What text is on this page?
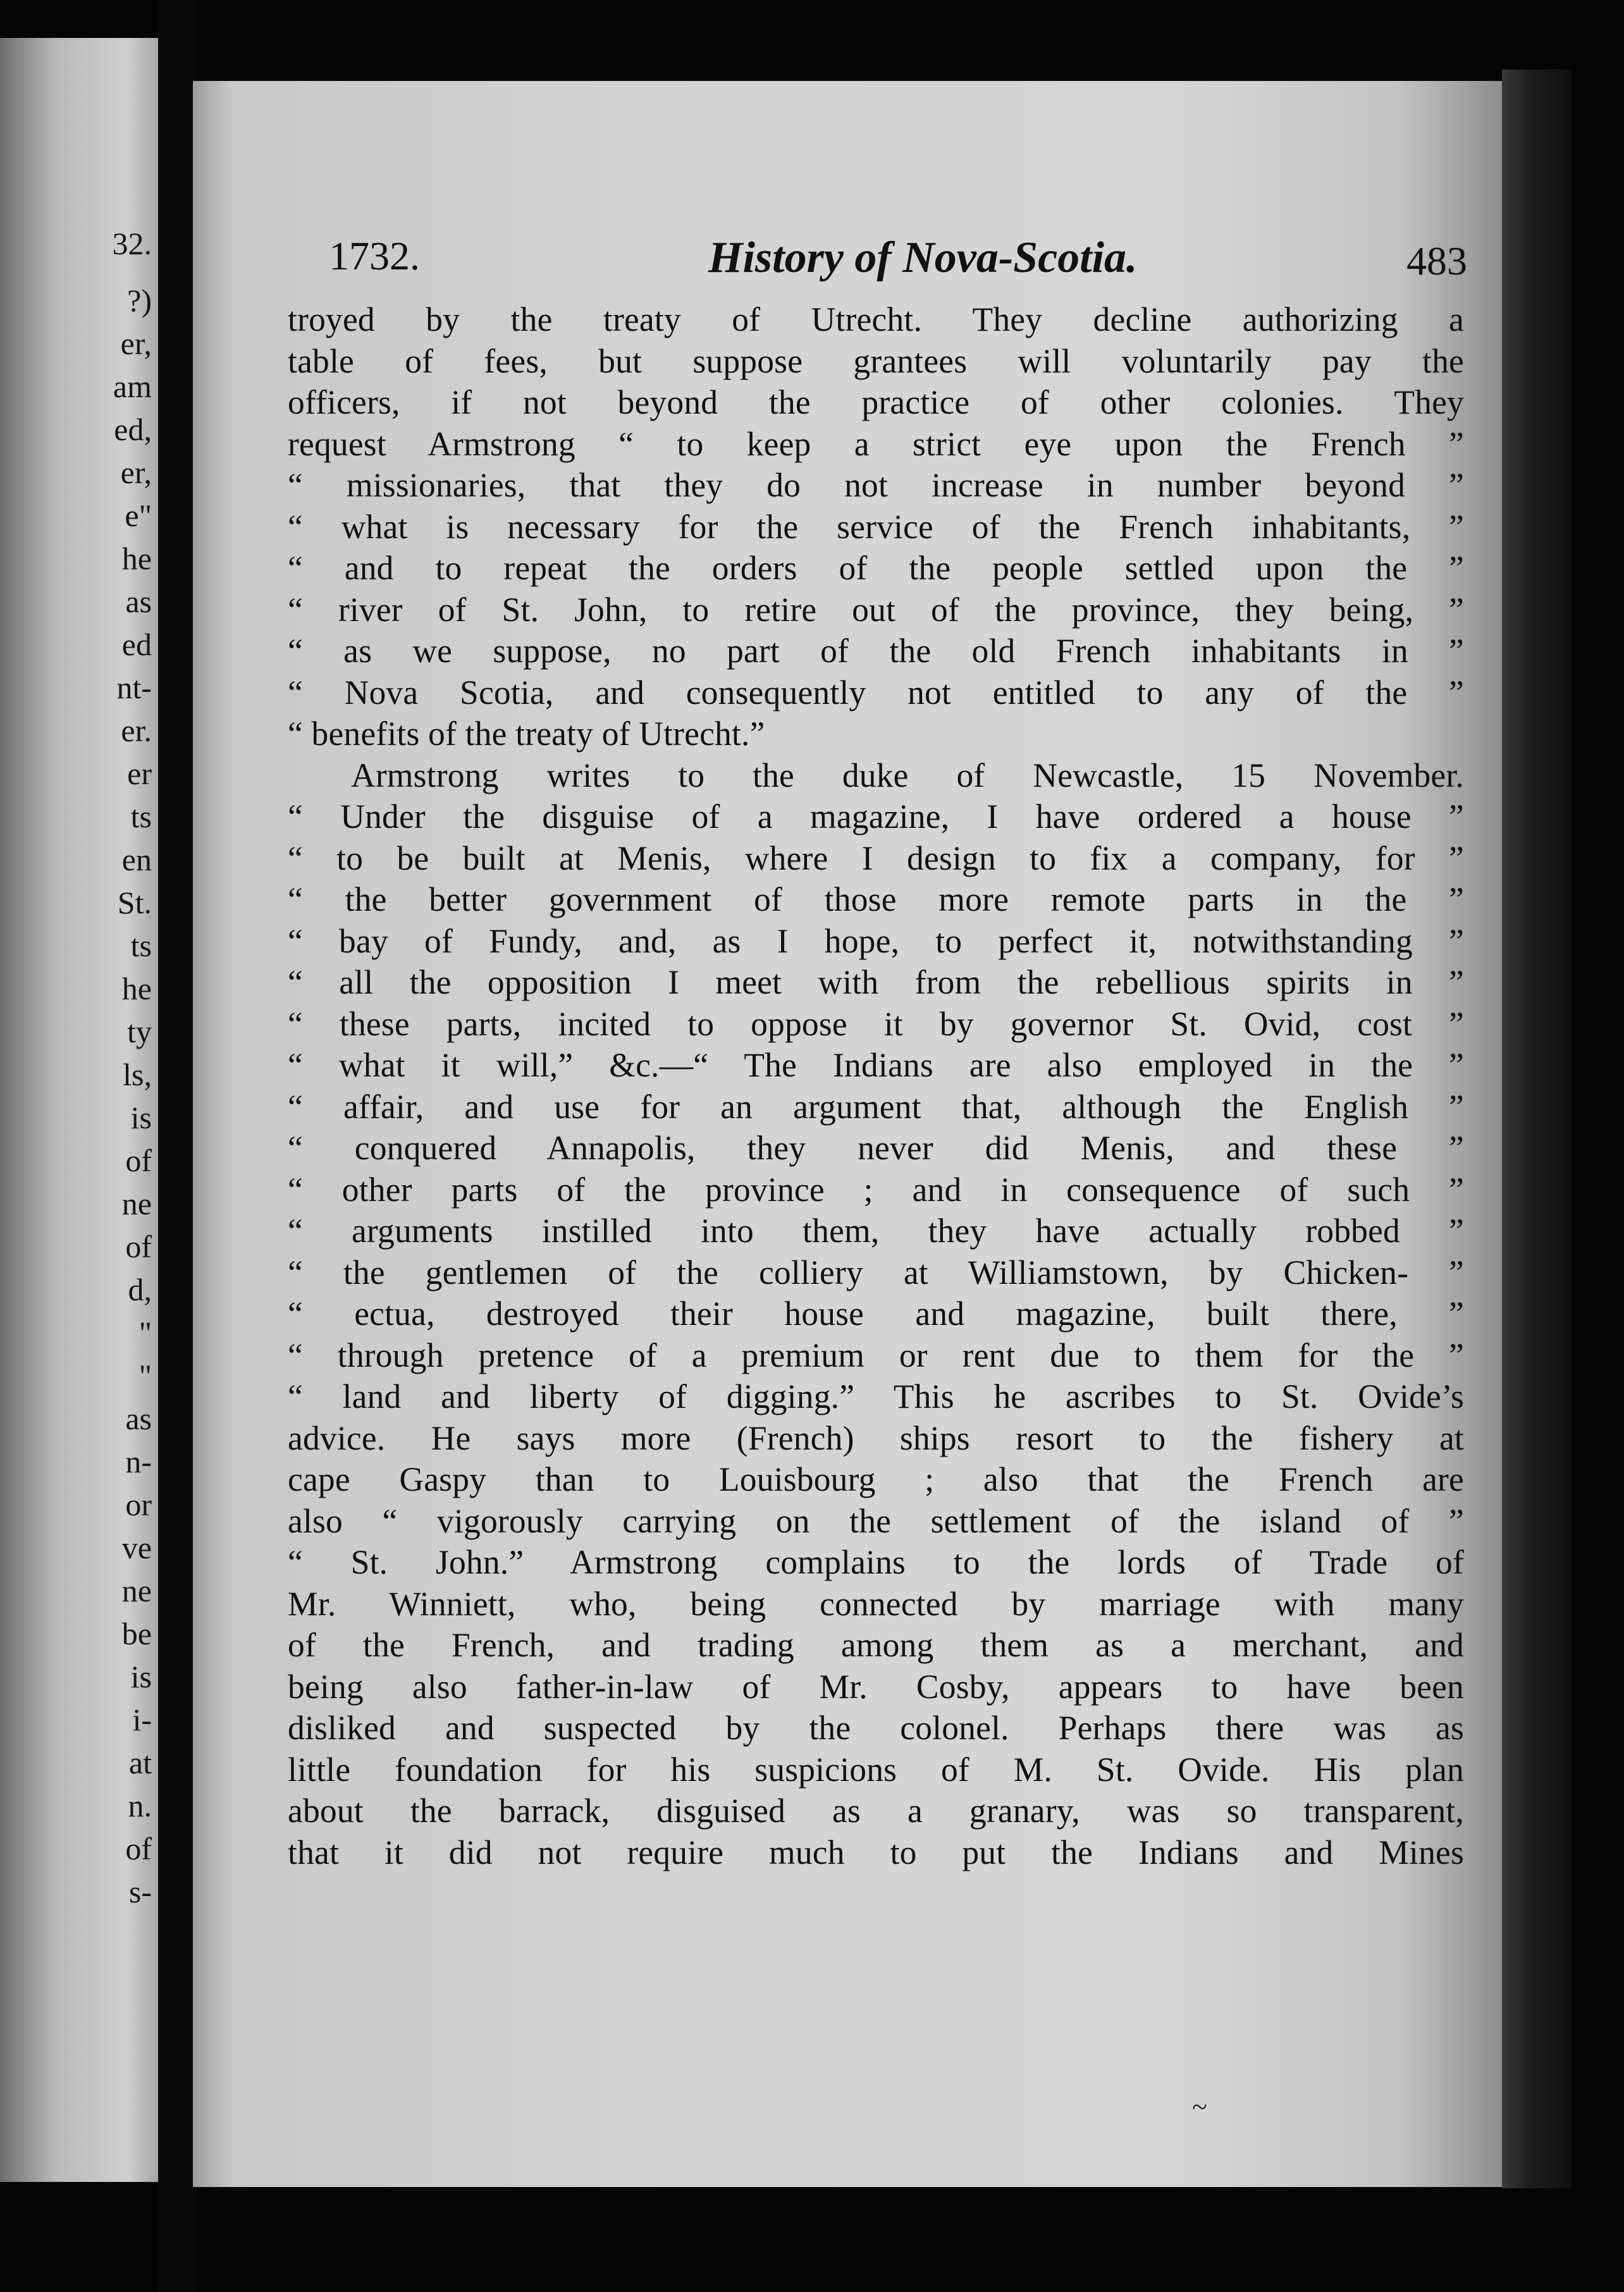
32.
?)
er,
am
ed,
er,
e"
he
as
ed
nt-
er.
er
ts
en
St.
ts
he
ty
ls,
is
of
ne
of
d,
"
"
as
n-
or
ve
ne
be
is
i-
at
n.
of
s-
1732.	History of Nova-Scotia.	483
troyed by the treaty of Utrecht. They decline authorizing a
table of fees, but suppose grantees will voluntarily pay the
officers, if not beyond the practice of other colonies. They
request Armstrong “ to keep a strict eye upon the French ”
“ missionaries, that they do not increase in number beyond ”
“ what is necessary for the service of the French inhabitants, ”
“ and to repeat the orders of the people settled upon the ”
“ river of St. John, to retire out of the province, they being, ”
“ as we suppose, no part of the old French inhabitants in ”
“ Nova Scotia, and consequently not entitled to any of the ”
“ benefits of the treaty of Utrecht.”
Armstrong writes to the duke of Newcastle, 15 November.
“ Under the disguise of a magazine, I have ordered a house ”
“ to be built at Menis, where I design to fix a company, for ”
“ the better government of those more remote parts in the ”
“ bay of Fundy, and, as I hope, to perfect it, notwithstanding ”
“ all the opposition I meet with from the rebellious spirits in ”
“ these parts, incited to oppose it by governor St. Ovid, cost ”
“ what it will,” &c.—“ The Indians are also employed in the ”
“ affair, and use for an argument that, although the English ”
“ conquered Annapolis, they never did Menis, and these ”
“ other parts of the province ; and in consequence of such ”
“ arguments instilled into them, they have actually robbed ”
“ the gentlemen of the colliery at Williamstown, by Chicken- ”
“ ectua, destroyed their house and magazine, built there, ”
“ through pretence of a premium or rent due to them for the ”
“ land and liberty of digging.” This he ascribes to St. Ovide’s
advice. He says more (French) ships resort to the fishery at
cape Gaspy than to Louisbourg ; also that the French are
also “ vigorously carrying on the settlement of the island of ”
“ St. John.” Armstrong complains to the lords of Trade of
Mr. Winniett, who, being connected by marriage with many
of the French, and trading among them as a merchant, and
being also father-in-law of Mr. Cosby, appears to have been
disliked and suspected by the colonel. Perhaps there was as
little foundation for his suspicions of M. St. Ovide. His plan
about the barrack, disguised as a granary, was so transparent,
that it did not require much to put the Indians and Mines
~
